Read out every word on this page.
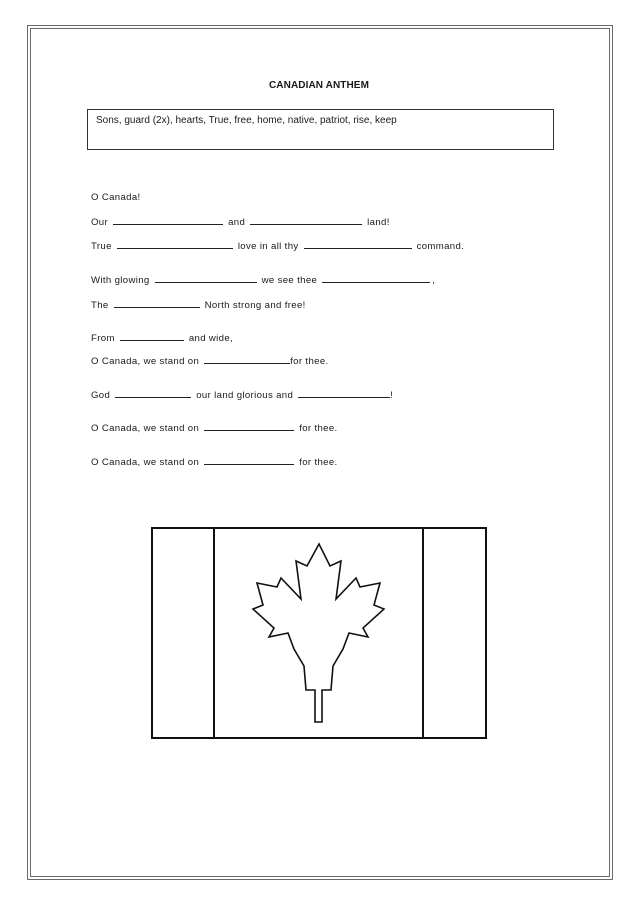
CANADIAN ANTHEM
Sons, guard (2x), hearts, True, free, home, native, patriot, rise, keep
O Canada!
Our	and	land!
True	love in all thy	command.
With glowing	we see thee	,
The	North strong and free!
From	and wide,
O Canada, we stand on	for thee.
God	our land glorious and	!
O Canada, we stand on	for thee.
O Canada, we stand on	for thee.
